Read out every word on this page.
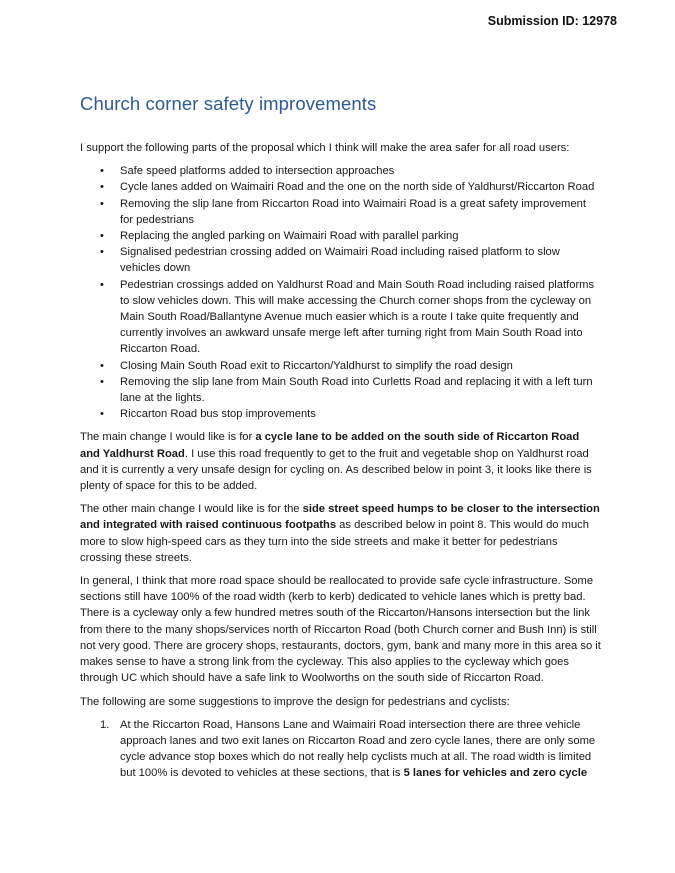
Submission ID: 12978
Church corner safety improvements

I support the following parts of the proposal which I think will make the area safer for all road users:

• Safe speed platforms added to intersection approaches
• Cycle lanes added on Waimairi Road and the one on the north side of Yaldhurst/Riccarton Road
• Removing the slip lane from Riccarton Road into Waimairi Road is a great safety improvement for pedestrians
• Replacing the angled parking on Waimairi Road with parallel parking
• Signalised pedestrian crossing added on Waimairi Road including raised platform to slow vehicles down
• Pedestrian crossings added on Yaldhurst Road and Main South Road including raised platforms to slow vehicles down. This will make accessing the Church corner shops from the cycleway on Main South Road/Ballantyne Avenue much easier which is a route I take quite frequently and currently involves an awkward unsafe merge left after turning right from Main South Road into Riccarton Road.
• Closing Main South Road exit to Riccarton/Yaldhurst to simplify the road design
• Removing the slip lane from Main South Road into Curletts Road and replacing it with a left turn lane at the lights.
• Riccarton Road bus stop improvements

The main change I would like is for a cycle lane to be added on the south side of Riccarton Road and Yaldhurst Road. I use this road frequently to get to the fruit and vegetable shop on Yaldhurst road and it is currently a very unsafe design for cycling on. As described below in point 3, it looks like there is plenty of space for this to be added.

The other main change I would like is for the side street speed humps to be closer to the intersection and integrated with raised continuous footpaths as described below in point 8. This would do much more to slow high-speed cars as they turn into the side streets and make it better for pedestrians crossing these streets.

In general, I think that more road space should be reallocated to provide safe cycle infrastructure. Some sections still have 100% of the road width (kerb to kerb) dedicated to vehicle lanes which is pretty bad. There is a cycleway only a few hundred metres south of the Riccarton/Hansons intersection but the link from there to the many shops/services north of Riccarton Road (both Church corner and Bush Inn) is still not very good. There are grocery shops, restaurants, doctors, gym, bank and many more in this area so it makes sense to have a strong link from the cycleway. This also applies to the cycleway which goes through UC which should have a safe link to Woolworths on the south side of Riccarton Road.

The following are some suggestions to improve the design for pedestrians and cyclists:

1. At the Riccarton Road, Hansons Lane and Waimairi Road intersection there are three vehicle approach lanes and two exit lanes on Riccarton Road and zero cycle lanes, there are only some cycle advance stop boxes which do not really help cyclists much at all. The road width is limited but 100% is devoted to vehicles at these sections, that is 5 lanes for vehicles and zero cycle
